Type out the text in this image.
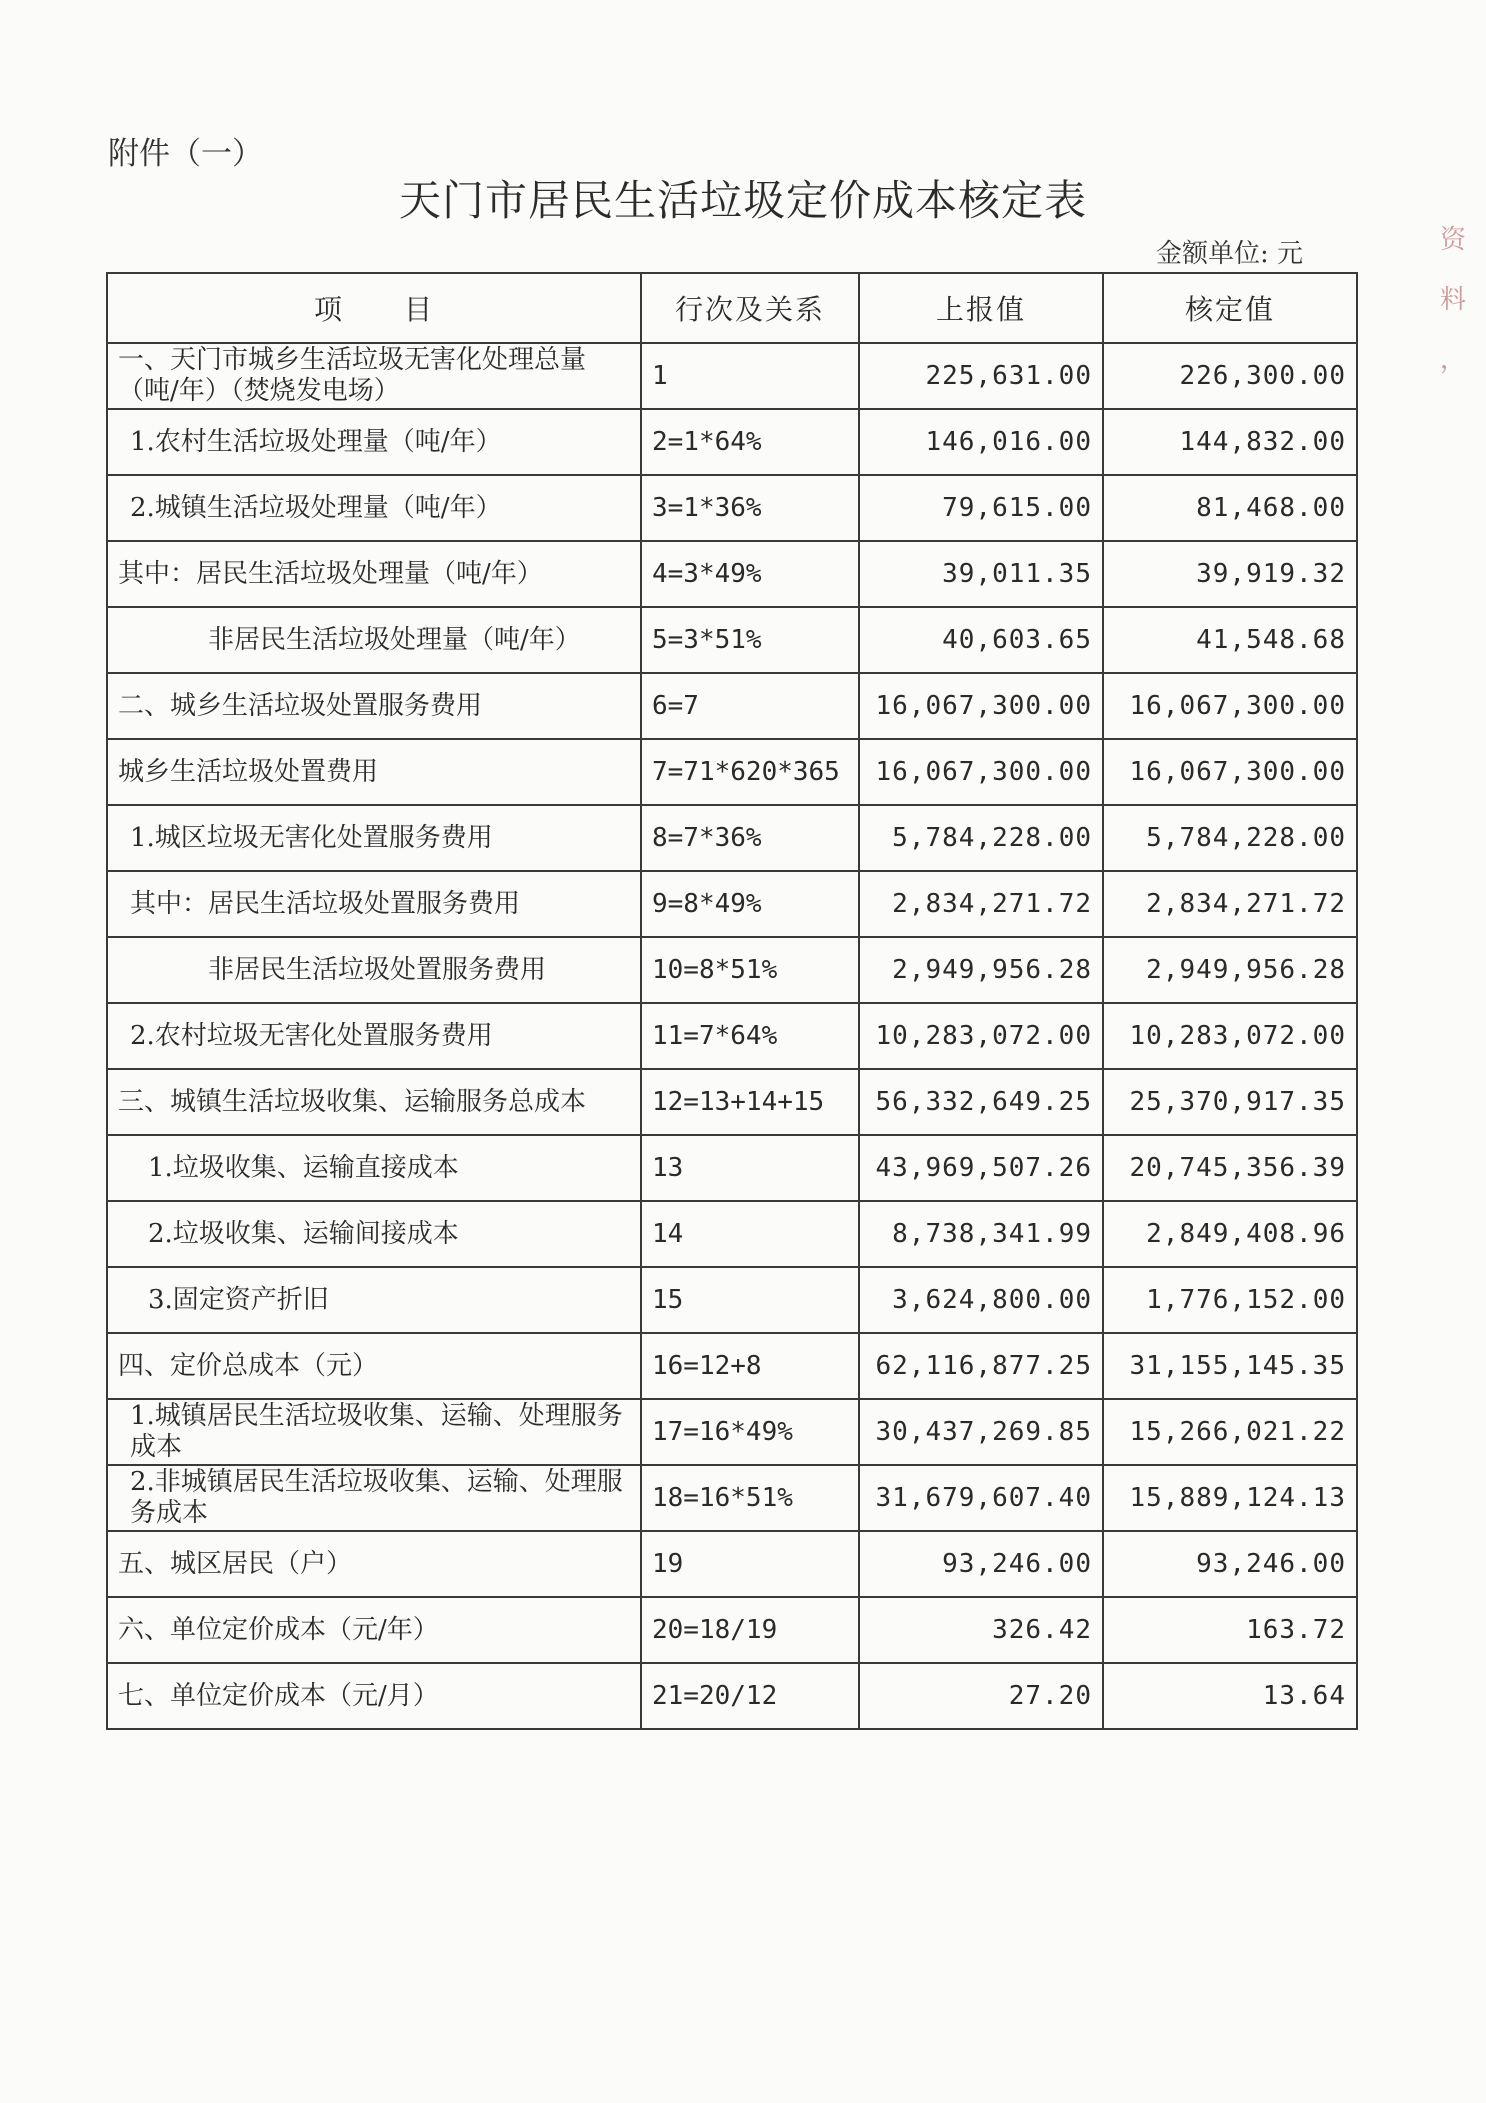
附件（一）
天门市居民生活垃圾定价成本核定表
金额单位: 元	资 料 ，
项　　目	行次及关系	上报值	核定值
一、天门市城乡生活垃圾无害化处理总量（吨/年）（焚烧发电场）	1	225,631.00	226,300.00
1.农村生活垃圾处理量（吨/年）	2=1*64%	146,016.00	144,832.00
2.城镇生活垃圾处理量（吨/年）	3=1*36%	79,615.00	81,468.00
其中：居民生活垃圾处理量（吨/年）	4=3*49%	39,011.35	39,919.32
非居民生活垃圾处理量（吨/年）	5=3*51%	40,603.65	41,548.68
二、城乡生活垃圾处置服务费用	6=7	16,067,300.00	16,067,300.00
城乡生活垃圾处置费用	7=71*620*365	16,067,300.00	16,067,300.00
1.城区垃圾无害化处置服务费用	8=7*36%	5,784,228.00	5,784,228.00
其中：居民生活垃圾处置服务费用	9=8*49%	2,834,271.72	2,834,271.72
非居民生活垃圾处置服务费用	10=8*51%	2,949,956.28	2,949,956.28
2.农村垃圾无害化处置服务费用	11=7*64%	10,283,072.00	10,283,072.00
三、城镇生活垃圾收集、运输服务总成本	12=13+14+15	56,332,649.25	25,370,917.35
1.垃圾收集、运输直接成本	13	43,969,507.26	20,745,356.39
2.垃圾收集、运输间接成本	14	8,738,341.99	2,849,408.96
3.固定资产折旧	15	3,624,800.00	1,776,152.00
四、定价总成本（元）	16=12+8	62,116,877.25	31,155,145.35
1.城镇居民生活垃圾收集、运输、处理服务成本	17=16*49%	30,437,269.85	15,266,021.22
2.非城镇居民生活垃圾收集、运输、处理服务成本	18=16*51%	31,679,607.40	15,889,124.13
五、城区居民（户）	19	93,246.00	93,246.00
六、单位定价成本（元/年）	20=18/19	326.42	163.72
七、单位定价成本（元/月）	21=20/12	27.20	13.64
